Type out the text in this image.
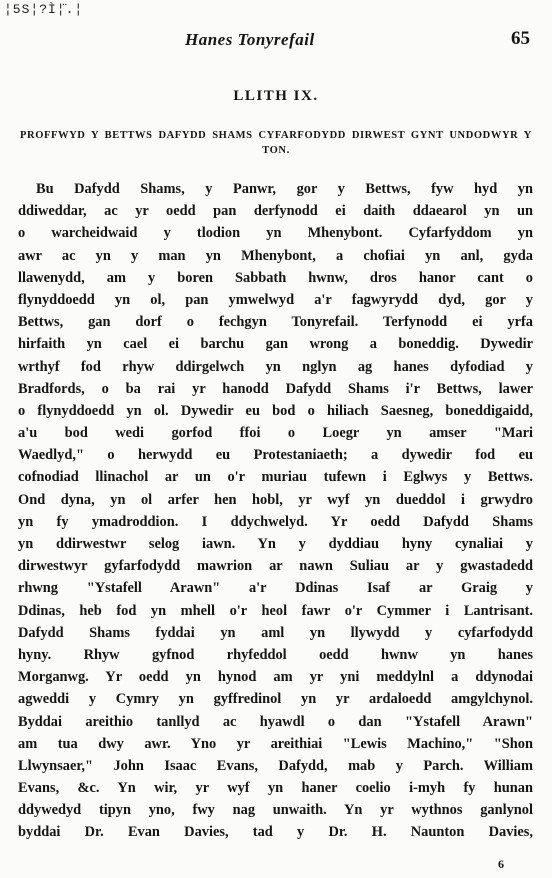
¦5S¦?Ì¦̈.¦
Hanes Tonyrefail	65
LLITH IX.
PROFFWYD Y BETTWS DAFYDD SHAMS CYFARFODYDD DIRWEST GYNT UNDODWYR Y TON.
Bu Dafydd Shams, y Panwr, gor y Bettws, fyw hyd yn
ddiweddar, ac yr oedd pan derfynodd ei daith ddaearol yn un
o warcheidwaid y tlodion yn Mhenybont. Cyfarfyddom yn
awr ac yn y man yn Mhenybont, a chofiai yn anl, gyda
llawenydd, am y boren Sabbath hwnw, dros hanor cant o
flynyddoedd yn ol, pan ymwelwyd a'r fagwyrydd dyd, gor y
Bettws, gan dorf o fechgyn Tonyrefail. Terfynodd ei yrfa
hirfaith yn cael ei barchu gan wrong a boneddig. Dywedir
wrthyf fod rhyw ddirgelwch yn nglyn ag hanes dyfodiad y
Bradfords, o ba rai yr hanodd Dafydd Shams i'r Bettws, lawer
o flynyddoedd yn ol. Dywedir eu bod o hiliach Saesneg, boneddigaidd,
a'u bod wedi gorfod ffoi o Loegr yn amser "Mari
Waedlyd," o herwydd eu Protestaniaeth; a dywedir fod eu
cofnodiad llinachol ar un o'r muriau tufewn i Eglwys y Bettws.
Ond dyna, yn ol arfer hen hobl, yr wyf yn dueddol i grwydro
yn fy ymadroddion. I ddychwelyd. Yr oedd Dafydd Shams
yn ddirwestwr selog iawn. Yn y dyddiau hyny cynaliai y
dirwestwyr gyfarfodydd mawrion ar nawn Suliau ar y gwastadedd
rhwng "Ystafell Arawn" a'r Ddinas Isaf ar Graig y
Ddinas, heb fod yn mhell o'r heol fawr o'r Cymmer i Lantrisant.
Dafydd Shams fyddai yn aml yn llywydd y cyfarfodydd
hyny. Rhyw gyfnod rhyfeddol oedd hwnw yn hanes
Morganwg. Yr oedd yn hynod am yr yni meddylnl a ddynodai
agweddi y Cymry yn gyffredinol yn yr ardaloedd amgylchynol.
Byddai areithio tanllyd ac hyawdl o dan "Ystafell Arawn"
am tua dwy awr. Yno yr areithiai "Lewis Machino," "Shon
Llwynsaer," John Isaac Evans, Dafydd, mab y Parch. William
Evans, &c. Yn wir, yr wyf yn haner coelio i-myh fy hunan
ddywedyd tipyn yno, fwy nag unwaith. Yn yr wythnos ganlynol
byddai Dr. Evan Davies, tad y Dr. H. Naunton Davies,
6
